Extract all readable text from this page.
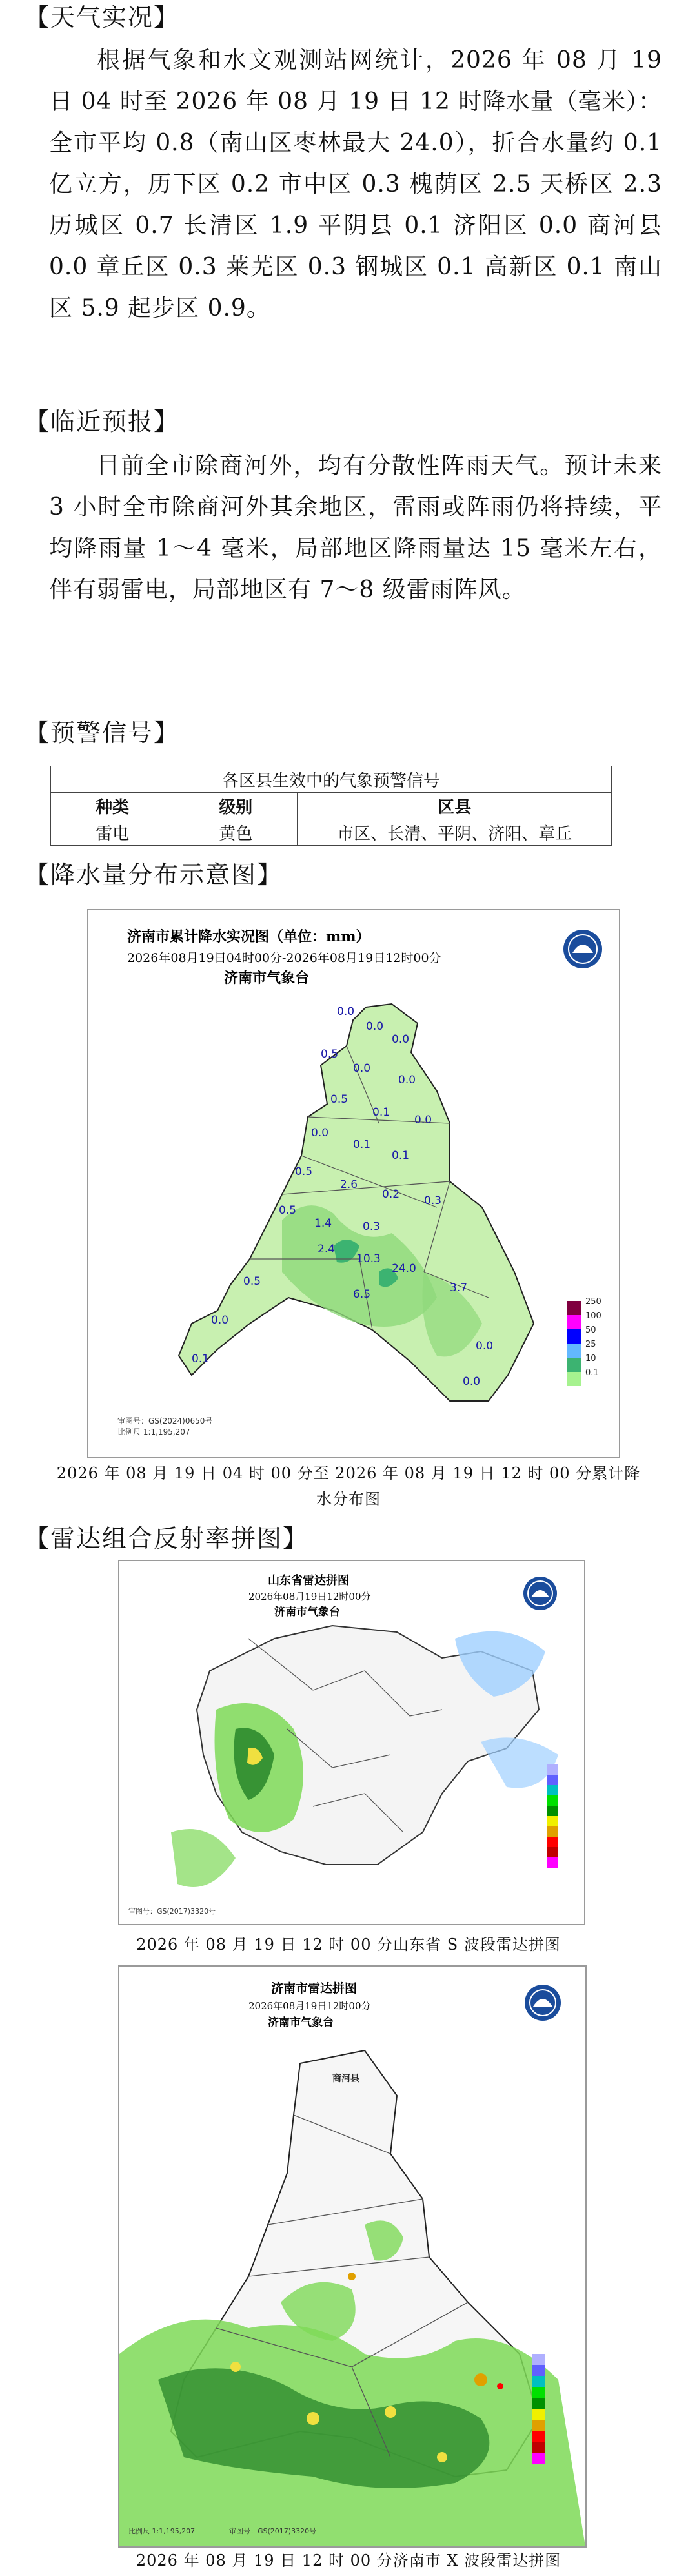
【天气实况】
根据气象和水文观测站网统计，2026 年 08 月 19 日 04 时至 2026 年 08 月 19 日 12 时降水量（毫米）：全市平均 0.8（南山区枣林最大 24.0），折合水量约 0.1 亿立方，历下区 0.2 市中区 0.3 槐荫区 2.5 天桥区 2.3 历城区 0.7 长清区 1.9 平阴县 0.1 济阳区 0.0 商河县 0.0 章丘区 0.3 莱芜区 0.3 钢城区 0.1 高新区 0.1 南山区 5.9 起步区 0.9。
【临近预报】
目前全市除商河外，均有分散性阵雨天气。预计未来 3 小时全市除商河外其余地区，雷雨或阵雨仍将持续，平均降雨量 1～4 毫米，局部地区降雨量达 15 毫米左右，伴有弱雷电，局部地区有 7～8 级雷雨阵风。
【预警信号】
各区县生效中的气象预警信号		
种类	级别	区县
雷电	黄色	市区、长清、平阴、济阳、章丘
【降水量分布示意图】
济南市累计降水实况图（单位：mm）
2026年08月19日04时00分-2026年08月19日12时00分
济南市气象台
0.0
0.0
0.0
0.5
0.0
0.0
0.5
0.1
0.0
0.0
0.1
0.1
0.5
2.6
0.2 0.3
0.5
1.4	0.3
2.4
10.3
24.0
6.5	3.7
0.5
0.0
0.1
0.0
0.0
250
100
50
25
10
0.1
审图号：GS(2024)0650号
比例尺 1:1,195,207
2026 年 08 月 19 日 04 时 00 分至 2026 年 08 月 19 日 12 时 00 分累计降水分布图
【雷达组合反射率拼图】
山东省雷达拼图
2026年08月19日12时00分
济南市气象台
审图号：GS(2017)3320号
2026 年 08 月 19 日 12 时 00 分山东省 S 波段雷达拼图
商河县
济南市雷达拼图
2026年08月19日12时00分
济南市气象台
比例尺 1:1,195,207	审图号：GS(2017)3320号
2026 年 08 月 19 日 12 时 00 分济南市 X 波段雷达拼图
